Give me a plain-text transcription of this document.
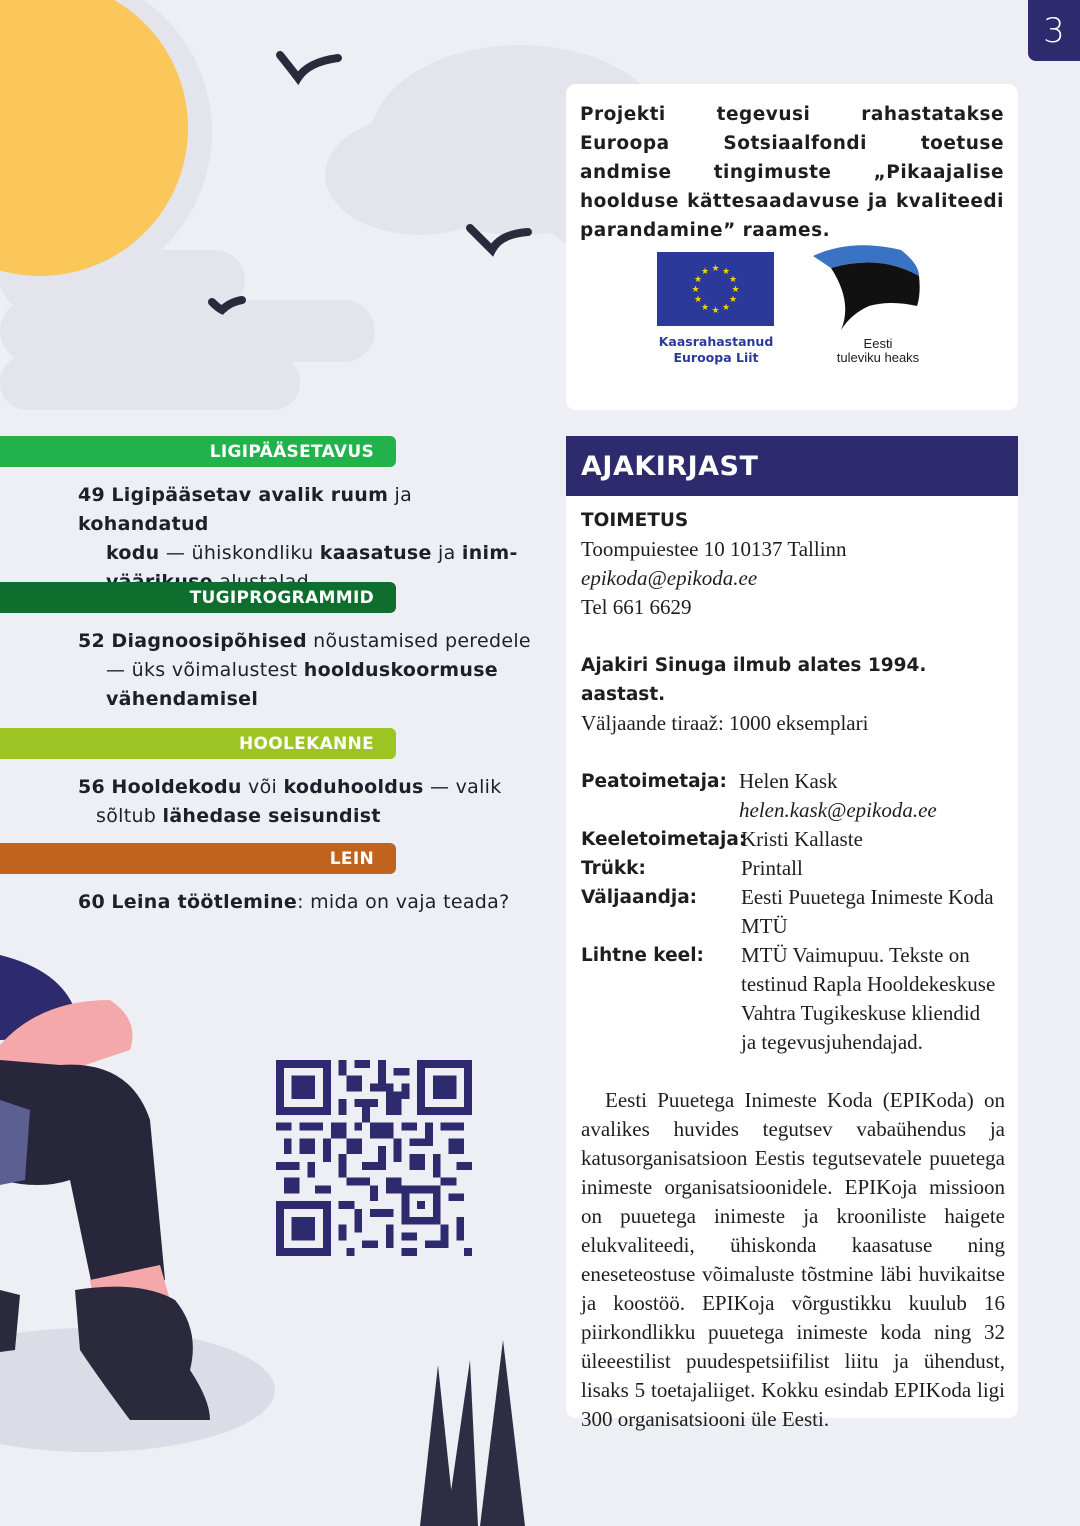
3
Projekti tegevusi rahastatakse Euroopa Sotsiaalfondi toetuse andmise tingimuste „Pikaajalise hoolduse kättesaadavuse ja kvaliteedi parandamine” raames.
★ ★
★
★
★
★
★
★
★
★
★
★
Kaasrahastanud
Euroopa Liit
Eesti
tuleviku heaks
LIGIPÄÄSETAVUS
49 Ligipääsetav avalik ruum ja kohandatud
kodu — ühiskondliku kaasatuse ja inim-
TUGIPROGRAMMID
52 Diagnoosipõhised nõustamised peredele
— üks võimalustest hoolduskoormuse
vähendamisel
HOOLEKANNE
56 Hooldekodu või koduhooldus — valik
sõltub lähedase seisundist
LEIN
60 Leina töötlemine: mida on vaja teada?
AJAKIRJAST
TOIMETUS
Toompuiestee 10 10137 Tallinn
epikoda@epikoda.ee
Tel 661 6629
Ajakiri Sinuga ilmub alates 1994. aastast.
Väljaande tiraaž: 1000 eksemplari
Peatoimetaja: Helen Kask
helen.kask@epikoda.ee
Keeletoimetaja:
Kristi Kallaste
Trükk:	Printall
Väljaandja:	Eesti Puuetega Inimeste Koda
MTÜ
Lihtne keel:	MTÜ Vaimupuu. Tekste on
testinud Rapla Hooldekeskuse
Vahtra Tugikeskuse kliendid
ja tegevusjuhendajad.
Eesti Puuetega Inimeste Koda (EPIKoda) on avalikes huvides tegutsev vabaühendus ja katusorganisatsioon Eestis tegutsevatele puuetega inimeste organisatsioonidele. EPIKoja missioon on puuetega inimeste ja krooniliste haigete elukvaliteedi, ühiskonda kaasatuse ning eneseteostuse võimaluste tõstmine läbi huvikaitse ja koostöö. EPIKoja võrgustikku kuulub 16 piirkondlikku puuetega inimeste koda ning 32 üleeestilist puudespetsiifilist liitu ja ühendust, lisaks 5 toetajaliiget. Kokku esindab EPIKoda ligi 300 organisatsiooni üle Eesti.
